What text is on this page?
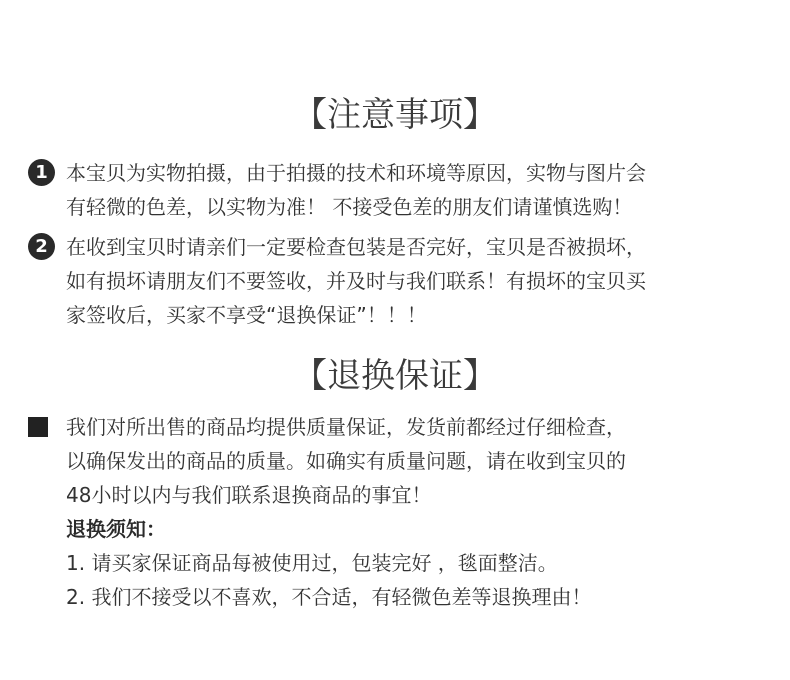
【注意事项】
1 本宝贝为实物拍摄，由于拍摄的技术和环境等原因，实物与图片会
有轻微的色差，以实物为准！ 不接受色差的朋友们请谨慎选购！
2 在收到宝贝时请亲们一定要检查包装是否完好，宝贝是否被损坏，
如有损坏请朋友们不要签收，并及时与我们联系！有损坏的宝贝买
家签收后，买家不享受“退换保证”！！！
【退换保证】
我们对所出售的商品均提供质量保证，发货前都经过仔细检查，
以确保发出的商品的质量。如确实有质量问题，请在收到宝贝的
48小时以内与我们联系退换商品的事宜！
退换须知：
1. 请买家保证商品每被使用过，包装完好 ，毯面整洁。
2. 我们不接受以不喜欢，不合适，有轻微色差等退换理由！
